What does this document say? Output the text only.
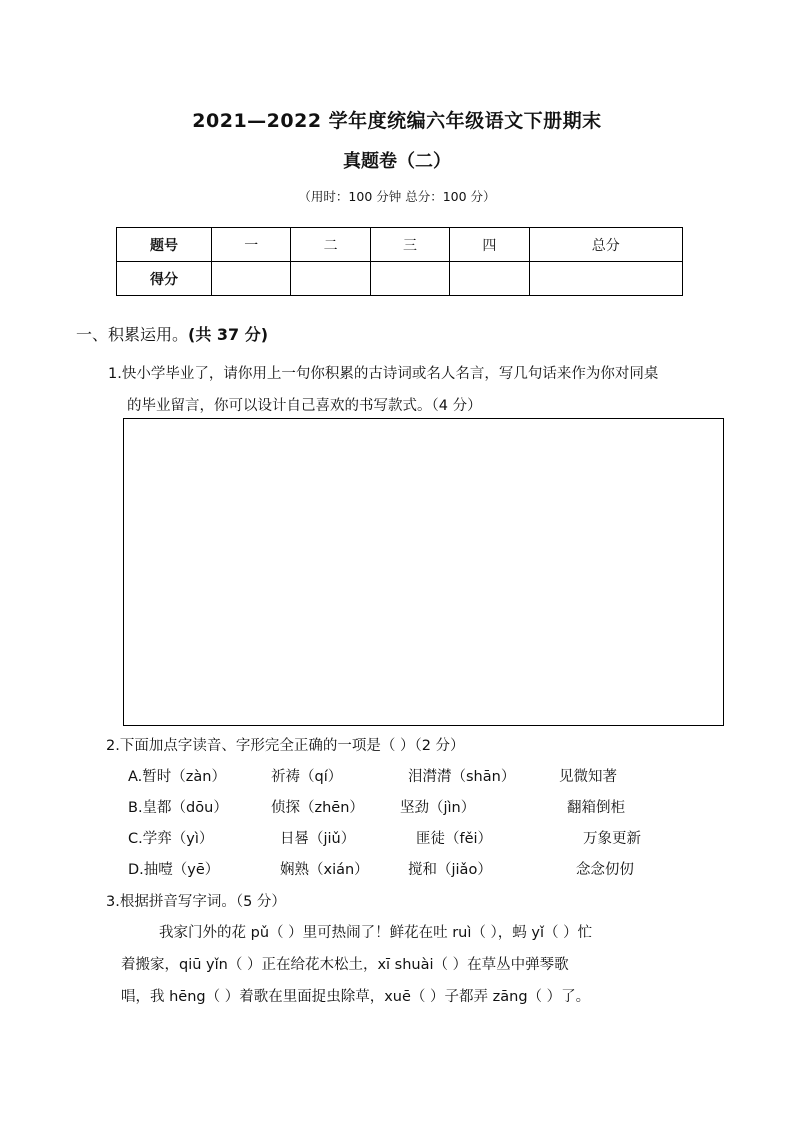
2021—2022 学年度统编六年级语文下册期末
真题卷（二）
（用时：100 分钟 总分：100 分）
题号	一	二	三	四	总分
得分					
一、积累运用。(共 37 分)
1.快小学毕业了，请你用上一句你积累的古诗词或名人名言，写几句话来作为你对同桌
的毕业留言，你可以设计自己喜欢的书写款式。（4 分）
2.下面加点字读音、字形完全正确的一项是（ ）（2 分）
A.暂时（zàn）	祈祷（qí）	泪潸潸（shān）	见微知著
B.皇都（dōu）	侦探（zhēn） 坚劲（jìn）	翻箱倒柜
C.学弈（yì）	日晷（jiǔ）	匪徒（fěi）	万象更新
D.抽噎（yē）	娴熟（xián）	搅和（jiǎo）	念念仞仞
3.根据拼音写字词。（5 分）
我家门外的花 pǔ（ ）里可热闹了！鲜花在吐 ruì（ ），蚂 yǐ（ ）忙
着搬家，qiū yǐn（ ）正在给花木松土，xī shuài（ ）在草丛中弹琴歌
唱，我 hēng（ ）着歌在里面捉虫除草，xuē（ ）子都弄 zāng（ ）了。
